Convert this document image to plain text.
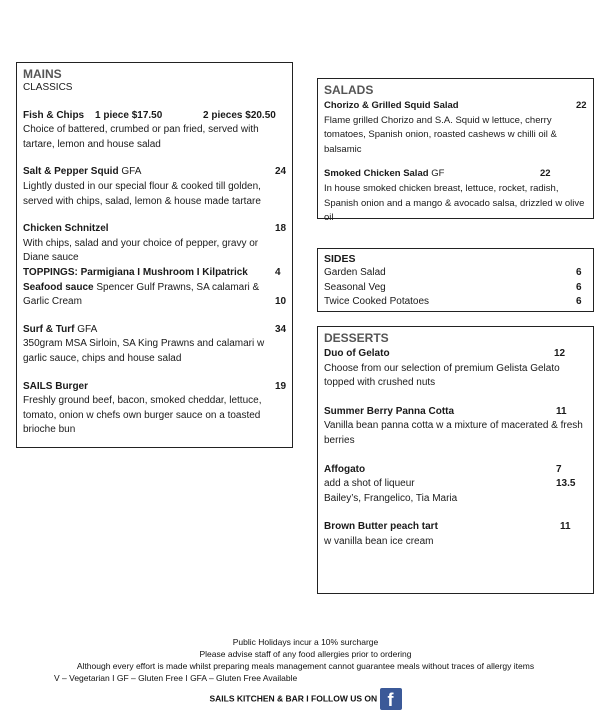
MAINS
CLASSICS
Fish & Chips 1 piece $17.50	2 pieces $20.50
Choice of battered, crumbed or pan fried, served with tartare, lemon and house salad
Salt & Pepper Squid GFA	24
Lightly dusted in our special flour & cooked till golden, served with chips, salad, lemon & house made tartare
Chicken Schnitzel	18
With chips, salad and your choice of pepper, gravy or Diane sauce
TOPPINGS: Parmigiana I Mushroom I Kilpatrick	4
Seafood sauce Spencer Gulf Prawns, SA calamari & Garlic Cream	10
Surf & Turf GFA	34
350gram MSA Sirloin, SA King Prawns and calamari w garlic sauce, chips and house salad
SAILS Burger	19
Freshly ground beef, bacon, smoked cheddar, lettuce, tomato, onion w chefs own burger sauce on a toasted brioche bun
SALADS
Chorizo & Grilled Squid Salad	22
Flame grilled Chorizo and S.A. Squid w lettuce, cherry tomatoes, Spanish onion, roasted cashews w chilli oil & balsamic
Smoked Chicken Salad GF	22
In house smoked chicken breast, lettuce, rocket, radish, Spanish onion and a mango & avocado salsa, drizzled w olive oil
SIDES
Garden Salad	6
Seasonal Veg	6
Twice Cooked Potatoes	6
DESSERTS
Duo of Gelato	12
Choose from our selection of premium Gelista Gelato topped with crushed nuts
Summer Berry Panna Cotta	11
Vanilla bean panna cotta w a mixture of macerated & fresh berries
Affogato	7
add a shot of liqueur	13.5
Bailey’s, Frangelico, Tia Maria
Brown Butter peach tart	11
w vanilla bean ice cream
Public Holidays incur a 10% surcharge
Please advise staff of any food allergies prior to ordering
Although every effort is made whilst preparing meals management cannot guarantee meals without traces of allergy items
V – Vegetarian I GF – Gluten Free I GFA – Gluten Free Available
SAILS KITCHEN & BAR I FOLLOW US ON f
